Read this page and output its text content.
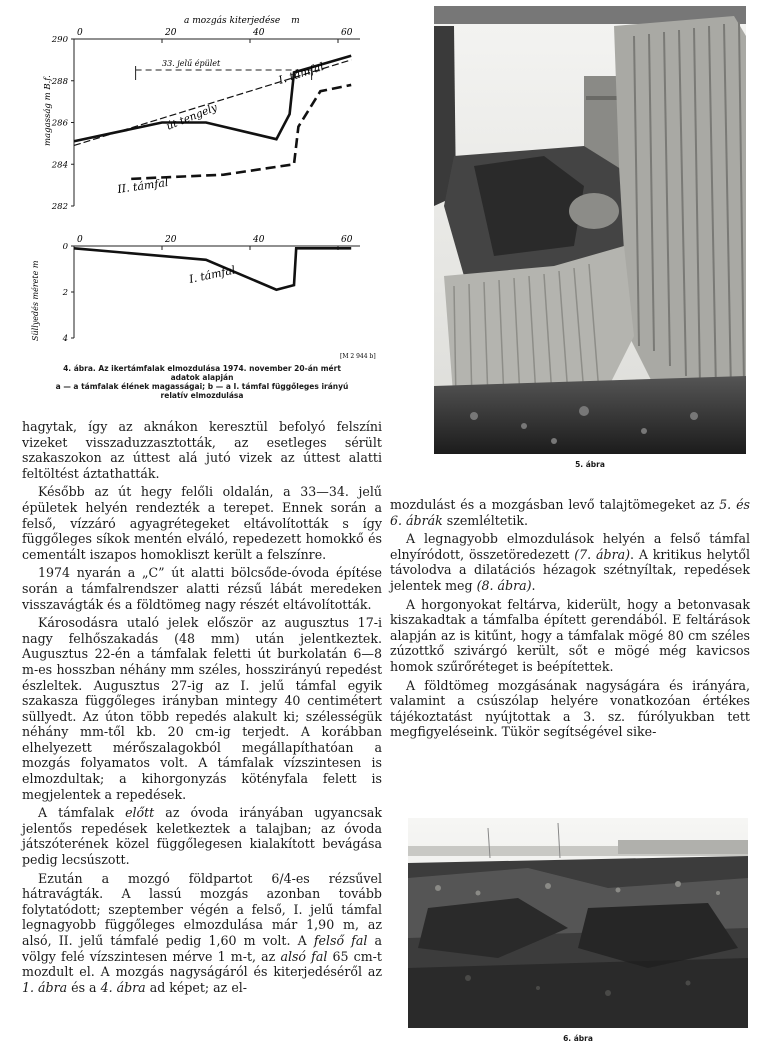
a mozgás kiterjedése m
0	20	40	60
290
288
286
284
282
0	20	40	60
0
2
4
magasság m B.f.
Süllyedés mérete m
33. jelű épület	I. támfal
út tengely
II. támfal
I. támfal
[M 2 944 b]
4. ábra. Az ikertámfalak elmozdulása 1974. november 20-án mért
adatok alapján
a — a támfalak élének magasságai; b — a I. támfal függőleges irányú
relatív elmozdulása

hagytak, így az aknákon keresztül befolyó felszíni vizeket visszaduzzasztották, az esetleges sérült szakaszokon az úttest alá jutó vizek az úttest alatti feltöltést áztathatták.

Később az út hegy felőli oldalán, a 33—34. jelű épületek helyén rendezték a terepet. Ennek során a felső, vízzáró agyagrétegeket eltávolították s így függőleges síkok mentén elváló, repedezett homokkő és cementált iszapos homokliszt került a felszínre.

1974 nyarán a „C” út alatti bölcsőde-óvoda építése során a támfalrendszer alatti rézsű lábát meredeken visszavágták és a földtömeg nagy részét eltávolították.

Károsodásra utaló jelek először az augusztus 17-i nagy felhőszakadás (48 mm) után jelentkeztek. Augusztus 22-én a támfalak feletti út burkolatán 6—8 m-es hosszban néhány mm széles, hosszirányú repedést észleltek. Augusztus 27-ig az I. jelű támfal egyik szakasza függőleges irányban mintegy 40 centimétert süllyedt. Az úton több repedés alakult ki; szélességük néhány mm-től kb. 20 cm-ig terjedt. A korábban elhelyezett mérőszalagokból megállapíthatóan a mozgás folyamatos volt. A támfalak vízszintesen is elmozdultak; a kihorgonyzás kötényfala felett is megjelentek a repedések.

A támfalak előtt az óvoda irányában ugyancsak jelentős repedések keletkeztek a talajban; az óvoda játszóterének közel függőlegesen kialakított bevágása pedig lecsúszott.

Ezután a mozgó földpartot 6/4-es rézsűvel hátravágták. A lassú mozgás azonban tovább folytatódott; szeptember végén a felső, I. jelű támfal legnagyobb függőleges elmozdulása már 1,90 m, az alsó, II. jelű támfalé pedig 1,60 m volt. A felső fal a völgy felé vízszintesen mérve 1 m-t, az alsó fal 65 cm-t mozdult el. A mozgás nagyságáról és kiterjedéséről az 1. ábra és a 4. ábra ad képet; az el-

5. ábra

mozdulást és a mozgásban levő talajtömegeket az 5. és 6. ábrák szemléltetik.

A legnagyobb elmozdulások helyén a felső támfal elnyíródott, összetöredezett (7. ábra). A kritikus helytől távolodva a dilatációs hézagok szétnyíltak, repedések jelentek meg (8. ábra).

A horgonyokat feltárva, kiderült, hogy a betonvasak kiszakadtak a támfalba épített gerendából. E feltárások alapján az is kitűnt, hogy a támfalak mögé 80 cm széles zúzottkő szivárgó került, sőt e mögé még kavicsos homok szűrőréteget is beépítettek.

A földtömeg mozgásának nagyságára és irányára, valamint a csúszólap helyére vonatkozóan értékes tájékoztatást nyújtottak a 3. sz. fúrólyukban tett megfigyeléseink. Tükör segítségével sike-

6. ábra
